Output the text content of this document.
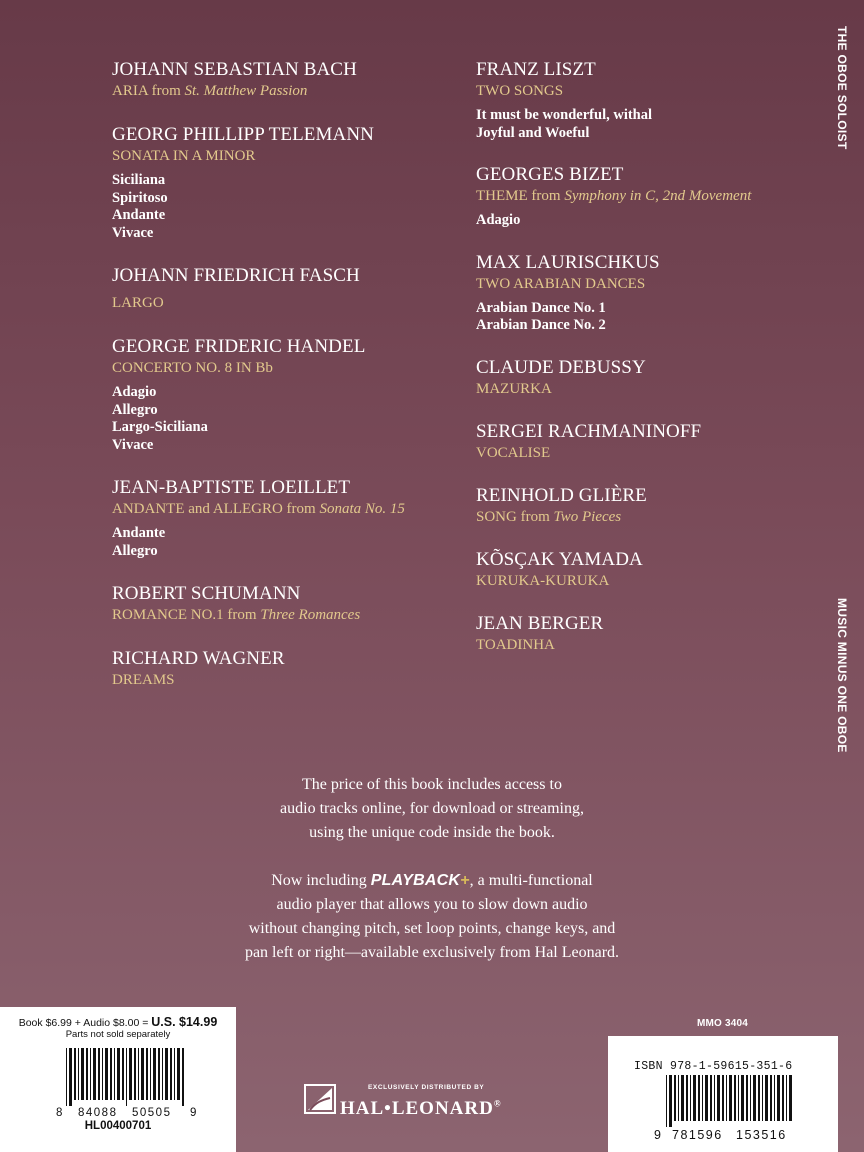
THE OBOE SOLOIST
MUSIC MINUS ONE OBOE
JOHANN SEBASTIAN BACH
ARIA from St. Matthew Passion
GEORG PHILLIPP TELEMANN
SONATA IN A MINOR
Siciliana
Spiritoso
Andante
Vivace
JOHANN FRIEDRICH FASCH
LARGO
GEORGE FRIDERIC HANDEL
CONCERTO NO. 8 IN Bb
Adagio
Allegro
Largo-Siciliana
Vivace
JEAN-BAPTISTE LOEILLET
ANDANTE and ALLEGRO from Sonata No. 15
Andante
Allegro
ROBERT SCHUMANN
ROMANCE NO.1 from Three Romances
RICHARD WAGNER
DREAMS
FRANZ LISZT
TWO SONGS
It must be wonderful, withal
Joyful and Woeful
GEORGES BIZET
THEME from Symphony in C, 2nd Movement
Adagio
MAX LAURISCHKUS
TWO ARABIAN DANCES
Arabian Dance No. 1
Arabian Dance No. 2
CLAUDE DEBUSSY
MAZURKA
SERGEI RACHMANINOFF
VOCALISE
REINHOLD GLIÈRE
SONG from Two Pieces
KÕSÇAK YAMADA
KURUKA-KURUKA
JEAN BERGER
TOADINHA

The price of this book includes access to
audio tracks online, for download or streaming,
using the unique code inside the book.

Now including PLAYBACK+, a multi-functional
audio player that allows you to slow down audio
without changing pitch, set loop points, change keys, and
pan left or right—available exclusively from Hal Leonard.

Book $6.99 + Audio $8.00 = U.S. $14.99
Parts not sold separately
8 84088 50505 9
HL00400701
MMO 3404
ISBN 978-1-59615-351-6
9 781596 153516
EXCLUSIVELY DISTRIBUTED BY
HAL•LEONARD®
